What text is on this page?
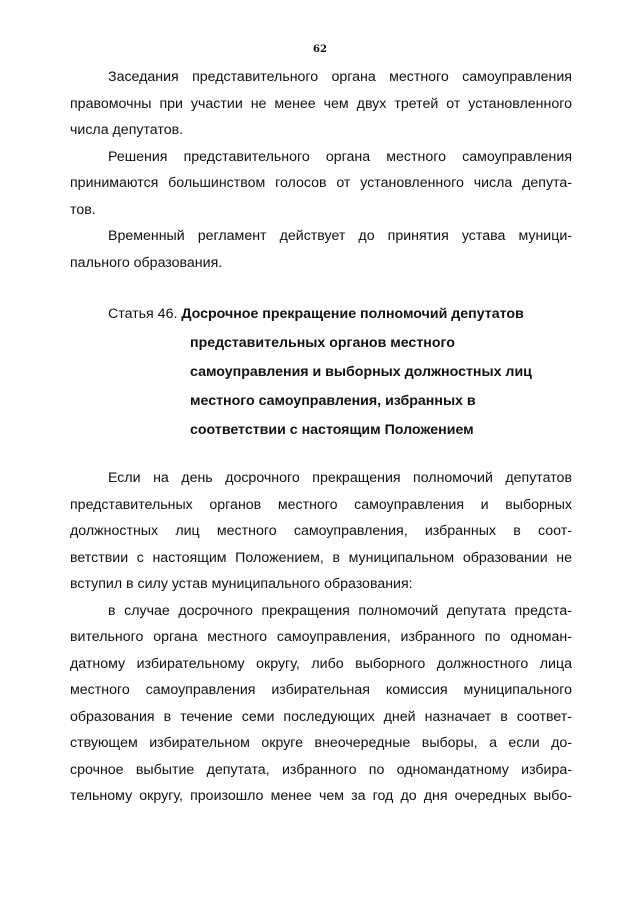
62
Заседания представительного органа местного самоуправления
правомочны при участии не менее чем двух третей от установленного
числа депутатов.
Решения представительного органа местного самоуправления
принимаются большинством голосов от установленного числа депута-
тов.
Временный регламент действует до принятия устава муници-
пального образования.
Статья 46. Досрочное прекращение полномочий депутатов
представительных органов местного
самоуправления и выборных должностных лиц
местного самоуправления, избранных в
соответствии с настоящим Положением
Если на день досрочного прекращения полномочий депутатов
представительных органов местного самоуправления и выборных
должностных лиц местного самоуправления, избранных в соот-
ветствии с настоящим Положением, в муниципальном образовании не
вступил в силу устав муниципального образования:
в случае досрочного прекращения полномочий депутата предста-
вительного органа местного самоуправления, избранного по одноман-
датному избирательному округу, либо выборного должностного лица
местного самоуправления избирательная комиссия муниципального
образования в течение семи последующих дней назначает в соответ-
ствующем избирательном округе внеочередные выборы, а если до-
срочное выбытие депутата, избранного по одномандатному избира-
тельному округу, произошло менее чем за год до дня очередных выбо-
